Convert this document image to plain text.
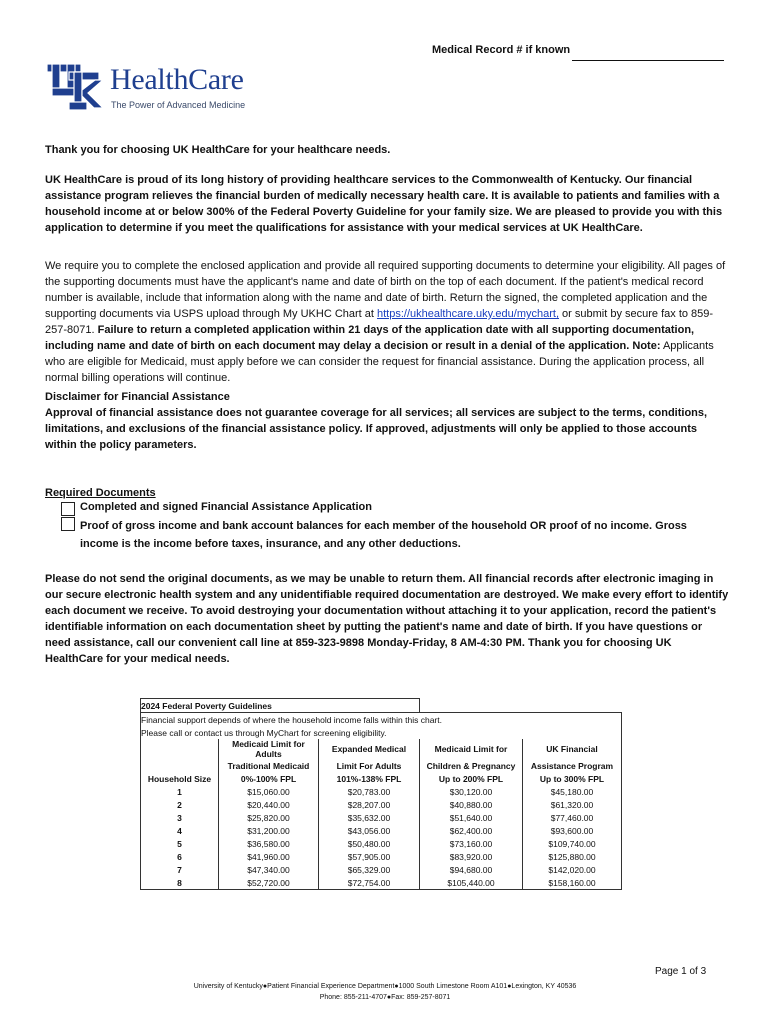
Medical Record # if known
HealthCare
The Power of Advanced Medicine
Thank you for choosing UK HealthCare for your healthcare needs.
UK HealthCare is proud of its long history of providing healthcare services to the Commonwealth of Kentucky. Our financial assistance program relieves the financial burden of medically necessary health care. It is available to patients and families with a household income at or below 300% of the Federal Poverty Guideline for your family size. We are pleased to provide you with this application to determine if you meet the qualifications for assistance with your medical services at UK HealthCare.
We require you to complete the enclosed application and provide all required supporting documents to determine your eligibility. All pages of the supporting documents must have the applicant's name and date of birth on the top of each document. If the patient's medical record number is available, include that information along with the name and date of birth. Return the signed, the completed application and the supporting documents via USPS upload through My UKHC Chart at https://ukhealthcare.uky.edu/mychart, or submit by secure fax to 859-257-8071. Failure to return a completed application within 21 days of the application date with all supporting documentation, including name and date of birth on each document may delay a decision or result in a denial of the application. Note: Applicants who are eligible for Medicaid, must apply before we can consider the request for financial assistance. During the application process, all normal billing operations will continue.
Disclaimer for Financial Assistance
Approval of financial assistance does not guarantee coverage for all services; all services are subject to the terms, conditions, limitations, and exclusions of the financial assistance policy. If approved, adjustments will only be applied to those accounts within the policy parameters.
Required Documents
Completed and signed Financial Assistance Application
Proof of gross income and bank account balances for each member of the household OR proof of no income. Gross income is the income before taxes, insurance, and any other deductions.
Please do not send the original documents, as we may be unable to return them. All financial records after electronic imaging in our secure electronic health system and any unidentifiable required documentation are destroyed. We make every effort to identify each document we receive. To avoid destroying your documentation without attaching it to your application, record the patient's identifiable information on each documentation sheet by putting the patient's name and date of birth. If you have questions or need assistance, call our convenient call line at 859-323-9898 Monday-Friday, 8 AM-4:30 PM. Thank you for choosing UK HealthCare for your medical needs.
2024 Federal Poverty Guidelines				
Financial support depends of where the household income falls within this chart.				
Please call or contact us through MyChart for screening eligibility.				
	Medicaid Limit for Adults	Expanded Medical	Medicaid Limit for	UK Financial
	Traditional Medicaid	Limit For Adults	Children & Pregnancy	Assistance Program
Household Size	0%-100% FPL	101%-138% FPL	Up to 200% FPL	Up to 300% FPL
1	$15,060.00	$20,783.00	$30,120.00	$45,180.00
2	$20,440.00	$28,207.00	$40,880.00	$61,320.00
3	$25,820.00	$35,632.00	$51,640.00	$77,460.00
4	$31,200.00	$43,056.00	$62,400.00	$93,600.00
5	$36,580.00	$50,480.00	$73,160.00	$109,740.00
6	$41,960.00	$57,905.00	$83,920.00	$125,880.00
7	$47,340.00	$65,329.00	$94,680.00	$142,020.00
8	$52,720.00	$72,754.00	$105,440.00	$158,160.00
Page 1 of 3
University of Kentucky●Patient Financial Experience Department●1000 South Limestone Room A101●Lexington, KY 40536
Phone: 855-211-4707●Fax: 859-257-8071
